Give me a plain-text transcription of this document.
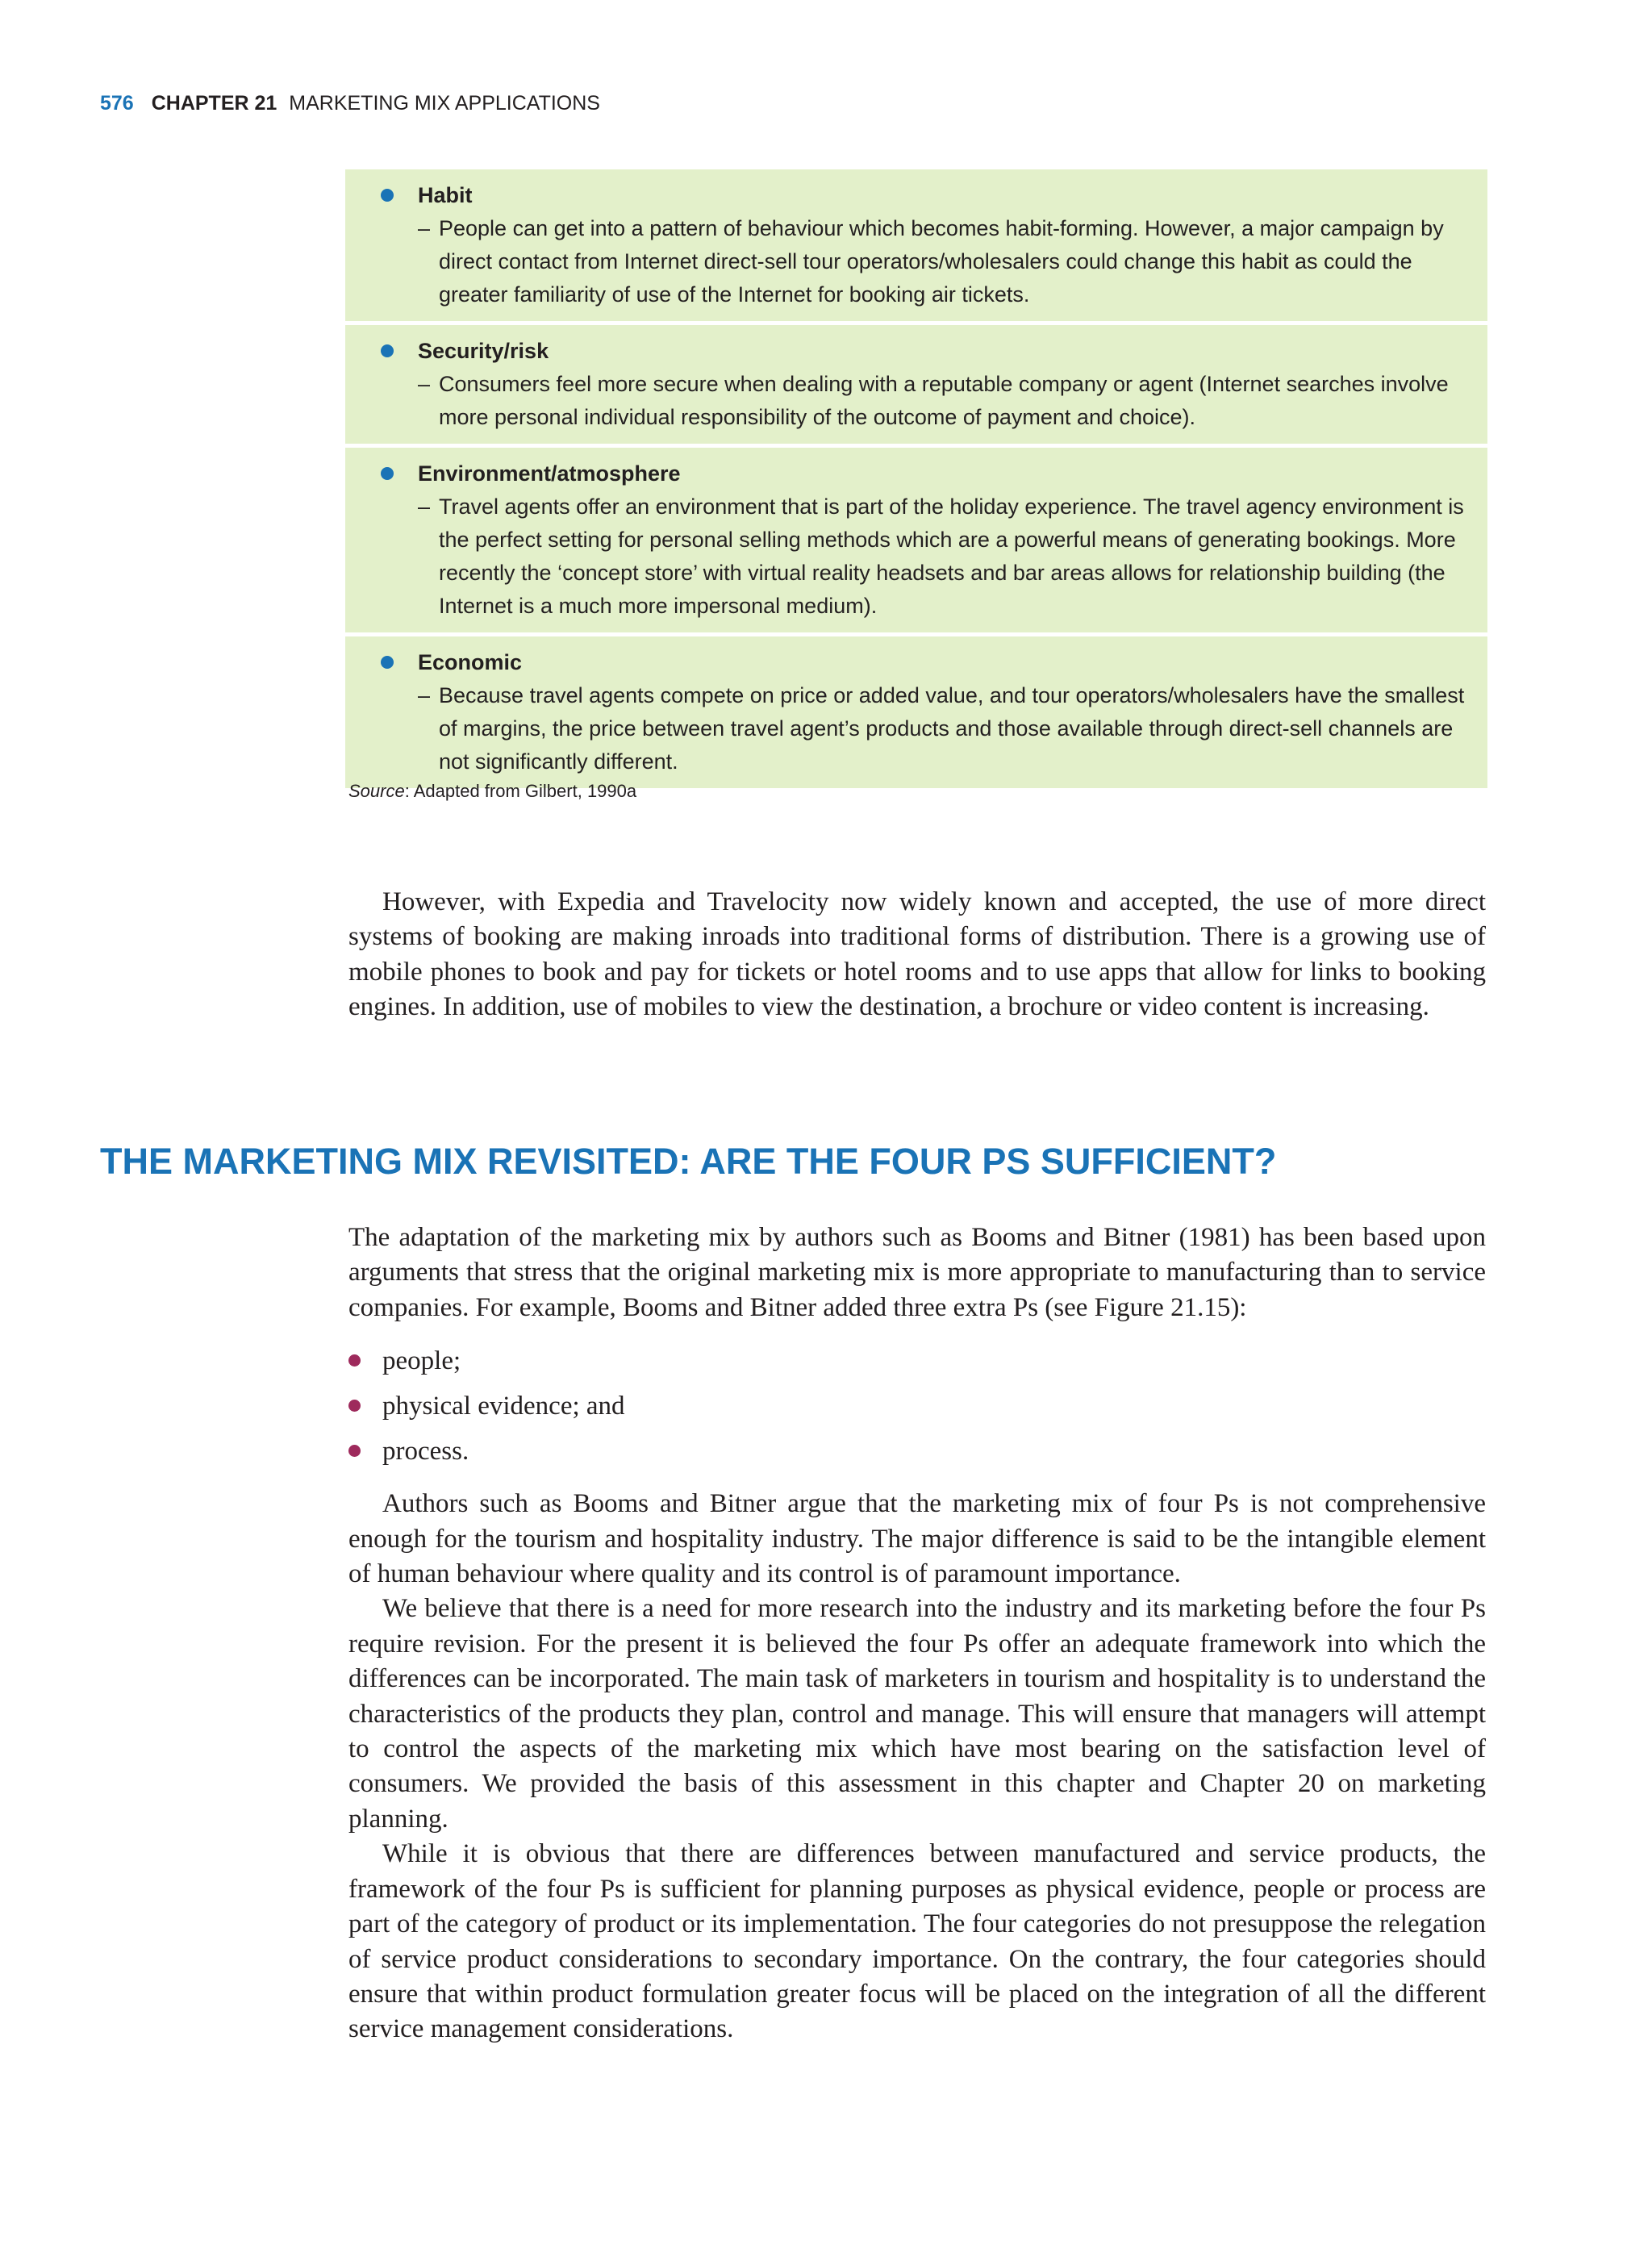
576 CHAPTER 21 MARKETING MIX APPLICATIONS
Habit
– People can get into a pattern of behaviour which becomes habit-forming. However, a major campaign by direct contact from Internet direct-sell tour operators/wholesalers could change this habit as could the greater familiarity of use of the Internet for booking air tickets.
Security/risk
– Consumers feel more secure when dealing with a reputable company or agent (Internet searches involve more personal individual responsibility of the outcome of payment and choice).
Environment/atmosphere
– Travel agents offer an environment that is part of the holiday experience. The travel agency environment is the perfect setting for personal selling methods which are a powerful means of generating bookings. More recently the ‘concept store’ with virtual reality headsets and bar areas allows for relationship building (the Internet is a much more impersonal medium).
Economic
– Because travel agents compete on price or added value, and tour operators/wholesalers have the smallest of margins, the price between travel agent’s products and those available through direct-sell channels are not significantly different.
Source: Adapted from Gilbert, 1990a

However, with Expedia and Travelocity now widely known and accepted, the use of more direct systems of booking are making inroads into traditional forms of distribution. There is a growing use of mobile phones to book and pay for tickets or hotel rooms and to use apps that allow for links to booking engines. In addition, use of mobiles to view the destination, a brochure or video content is increasing.

THE MARKETING MIX REVISITED: ARE THE FOUR PS SUFFICIENT?

The adaptation of the marketing mix by authors such as Booms and Bitner (1981) has been based upon arguments that stress that the original marketing mix is more appropriate to manufacturing than to service companies. For example, Booms and Bitner added three extra Ps (see Figure 21.15):

people;
physical evidence; and
process.

Authors such as Booms and Bitner argue that the marketing mix of four Ps is not comprehensive enough for the tourism and hospitality industry. The major difference is said to be the intangible element of human behaviour where quality and its control is of paramount importance.

We believe that there is a need for more research into the industry and its marketing before the four Ps require revision. For the present it is believed the four Ps offer an adequate framework into which the differences can be incorporated. The main task of marketers in tourism and hospitality is to understand the characteristics of the products they plan, control and manage. This will ensure that managers will attempt to control the aspects of the marketing mix which have most bearing on the satisfaction level of consumers. We provided the basis of this assessment in this chapter and Chapter 20 on marketing planning.

While it is obvious that there are differences between manufactured and service products, the framework of the four Ps is sufficient for planning purposes as physical evidence, people or process are part of the category of product or its implementation. The four categories do not presuppose the relegation of service product considerations to secondary importance. On the contrary, the four categories should ensure that within product formulation greater focus will be placed on the integration of all the different service management considerations.
